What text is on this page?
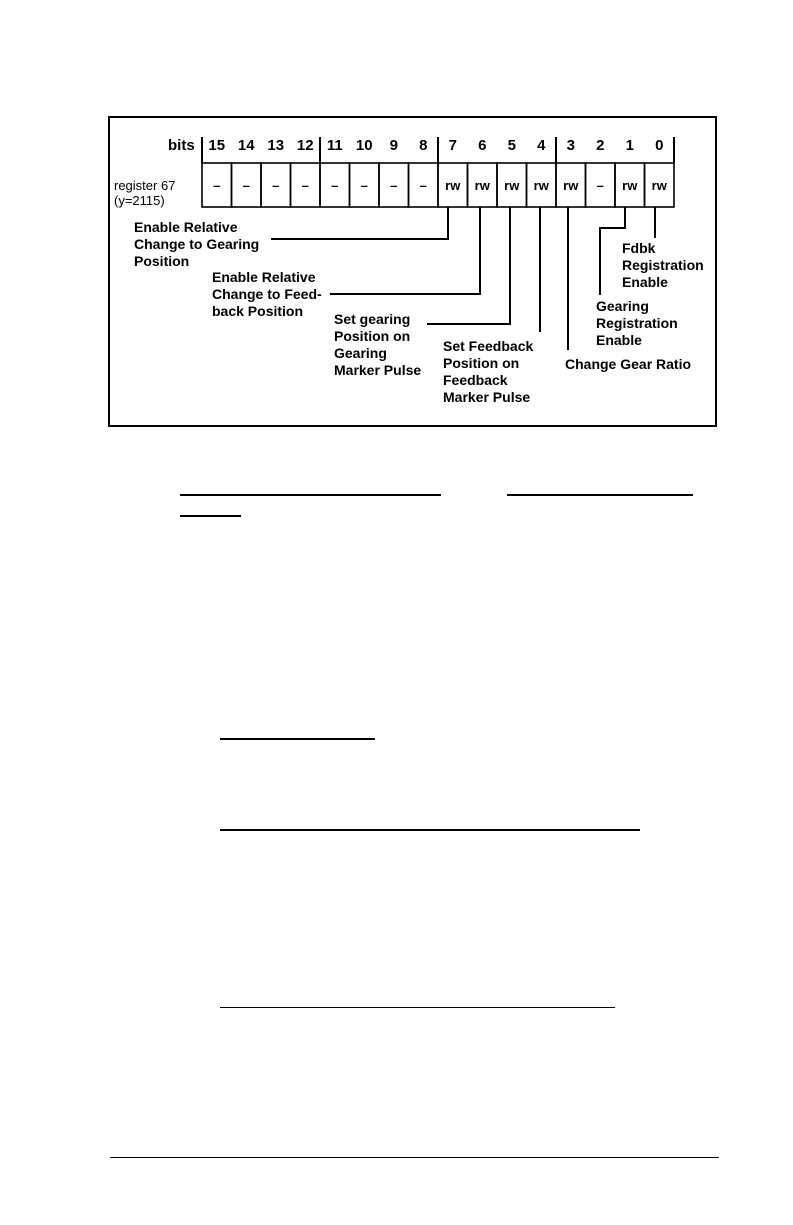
bits
register 67
(y=2115)
15 14 13 12 11 10 9 8 7 6 5 4 3 2 1 0
– – – – – – – – rw rw rw rw rw – rw rw
Enable Relative
Change to Gearing
Position
Enable Relative
Change to Feed-
back Position Set gearing
Position on
Gearing
Marker Pulse
Set Feedback
Position on
Feedback
Marker Pulse
Change Gear Ratio
Gearing
Registration
Enable
Fdbk
Registration
Enable
